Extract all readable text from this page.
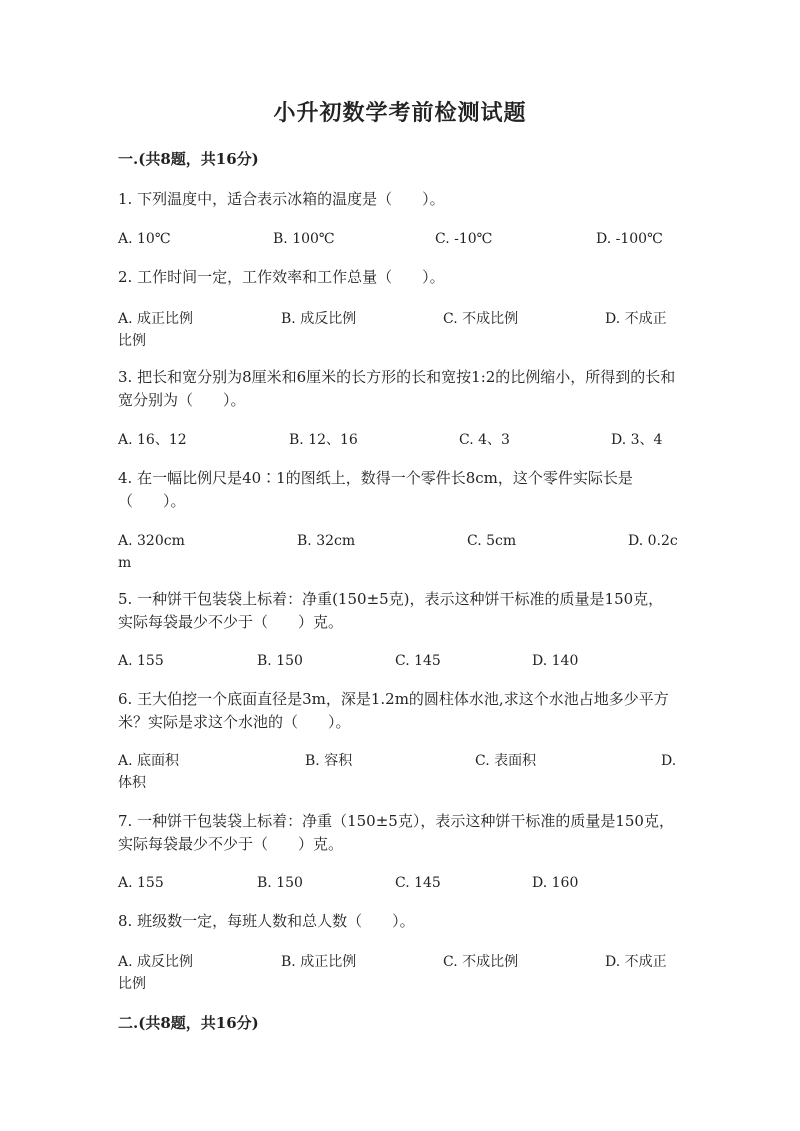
小升初数学考前检测试题
一.(共8题，共16分)
1. 下列温度中，适合表示冰箱的温度是（　　）。
A. 10℃	B. 100℃	C. -10℃	D. -100℃
2. 工作时间一定，工作效率和工作总量（　　）。
A. 成正比例	B. 成反比例	C. 不成比例	D. 不成正
比例
3. 把长和宽分别为8厘米和6厘米的长方形的长和宽按1:2的比例缩小，所得到的长和宽分别为（　　）。
A. 16、12	B. 12、16	C. 4、3	D. 3、4
4. 在一幅比例尺是40∶1的图纸上，数得一个零件长8cm，这个零件实际长是（　　）。
A. 320cm	B. 32cm	C. 5cm	D. 0.2c
m
5. 一种饼干包装袋上标着：净重(150±5克)，表示这种饼干标准的质量是150克，实际每袋最少不少于（　　）克。
A. 155	B. 150	C. 145	D. 140
6. 王大伯挖一个底面直径是3m，深是1.2m的圆柱体水池,求这个水池占地多少平方米？实际是求这个水池的（　　）。
A. 底面积	B. 容积	C. 表面积	D.
体积
7. 一种饼干包装袋上标着：净重（150±5克），表示这种饼干标准的质量是150克，实际每袋最少不少于（　　）克。
A. 155	B. 150	C. 145	D. 160
8. 班级数一定，每班人数和总人数（　　）。
A. 成反比例	B. 成正比例	C. 不成比例	D. 不成正
比例
二.(共8题，共16分)
